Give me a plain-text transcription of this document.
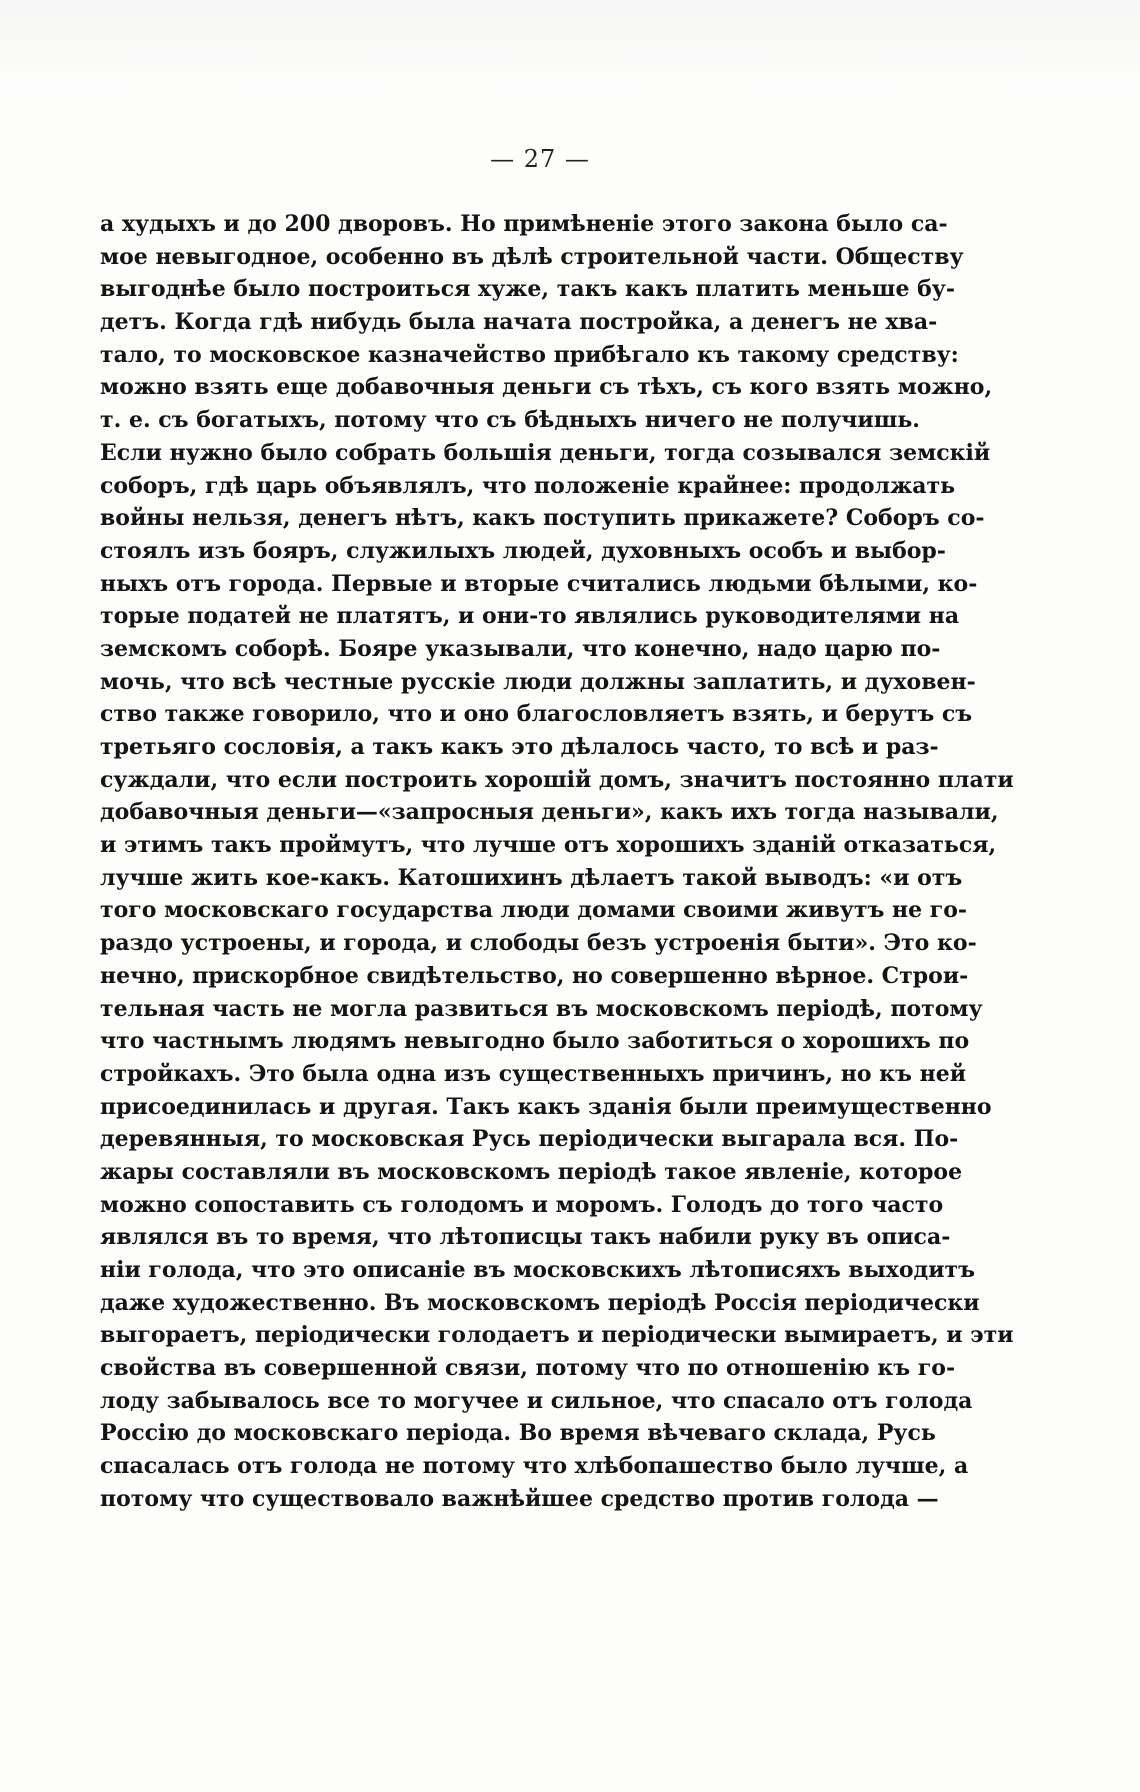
— 27 —
а худыхъ и до 200 дворовъ. Но примѣненіе этого закона было са-
мое невыгодное, особенно въ дѣлѣ строительной части. Обществу
выгоднѣе было построиться хуже, такъ какъ платить меньше бу-
детъ. Когда гдѣ нибудь была начата постройка, а денегъ не хва-
тало, то московское казначейство прибѣгало къ такому средству:
можно взять еще добавочныя деньги съ тѣхъ, съ кого взять можно,
т. е. съ богатыхъ, потому что съ бѣдныхъ ничего не получишь.
Если нужно было собрать большія деньги, тогда созывался земскій
соборъ, гдѣ царь объявлялъ, что положеніе крайнее: продолжать
войны нельзя, денегъ нѣтъ, какъ поступить прикажете? Соборъ со-
стоялъ изъ бояръ, служилыхъ людей, духовныхъ особъ и выбор-
ныхъ отъ города. Первые и вторые считались людьми бѣлыми, ко-
торые податей не платятъ, и они-то являлись руководителями на
земскомъ соборѣ. Бояре указывали, что конечно, надо царю по-
мочь, что всѣ честные русскіе люди должны заплатить, и духовен-
ство также говорило, что и оно благословляетъ взять, и берутъ съ
третьяго сословія, а такъ какъ это дѣлалось часто, то всѣ и раз-
суждали, что если построить хорошій домъ, значитъ постоянно плати
добавочныя деньги—«запросныя деньги», какъ ихъ тогда называли,
и этимъ такъ проймутъ, что лучше отъ хорошихъ зданій отказаться,
лучше жить кое-какъ. Катошихинъ дѣлаетъ такой выводъ: «и отъ
того московскаго государства люди домами своими живутъ не го-
раздо устроены, и города, и слободы безъ устроенія быти». Это ко-
нечно, прискорбное свидѣтельство, но совершенно вѣрное. Строи-
тельная часть не могла развиться въ московскомъ періодѣ, потому
что частнымъ людямъ невыгодно было заботиться о хорошихъ по
стройкахъ. Это была одна изъ существенныхъ причинъ, но къ ней
присоединилась и другая. Такъ какъ зданія были преимущественно
деревянныя, то московская Русь періодически выгарала вся. По-
жары составляли въ московскомъ періодѣ такое явленіе, которое
можно сопоставить съ голодомъ и моромъ. Голодъ до того часто
являлся въ то время, что лѣтописцы такъ набили руку въ описа-
ніи голода, что это описаніе въ московскихъ лѣтописяхъ выходитъ
даже художественно. Въ московскомъ періодѣ Россія періодически
выгораетъ, періодически голодаетъ и періодически вымираетъ, и эти
свойства въ совершенной связи, потому что по отношенію къ го-
лоду забывалось все то могучее и сильное, что спасало отъ голода
Россію до московскаго періода. Во время вѣчеваго склада, Русь
спасалась отъ голода не потому что хлѣбопашество было лучше, а
потому что существовало важнѣйшее средство против голода —
